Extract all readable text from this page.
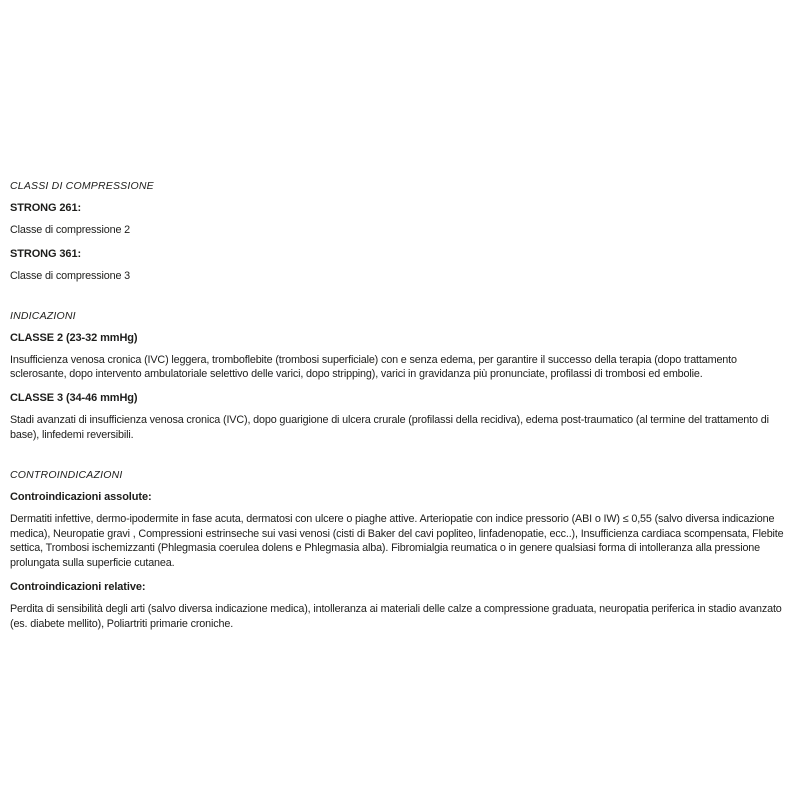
CLASSI DI COMPRESSIONE
STRONG 261:

Classe di compressione 2

STRONG 361:

Classe di compressione 3

INDICAZIONI
CLASSE 2 (23-32 mmHg)

Insufficienza venosa cronica (IVC) leggera, tromboflebite (trombosi superficiale) con e senza edema, per garantire il successo della terapia (dopo trattamento sclerosante, dopo intervento ambulatoriale selettivo delle varici, dopo stripping), varici in gravidanza più pronunciate, profilassi di trombosi ed embolie.

CLASSE 3 (34-46 mmHg)

Stadi avanzati di insufficienza venosa cronica (IVC), dopo guarigione di ulcera crurale (profilassi della recidiva), edema post-traumatico (al termine del trattamento di base), linfedemi reversibili.

CONTROINDICAZIONI
Controindicazioni assolute:

Dermatiti infettive, dermo-ipodermite in fase acuta, dermatosi con ulcere o piaghe attive. Arteriopatie con indice pressorio (ABI o IW) ≤ 0,55 (salvo diversa indicazione medica), Neuropatie gravi , Compressioni estrinseche sui vasi venosi (cisti di Baker del cavi popliteo, linfadenopatie, ecc..), Insufficienza cardiaca scompensata, Flebite settica, Trombosi ischemizzanti (Phlegmasia coerulea dolens e Phlegmasia alba). Fibromialgia reumatica o in genere qualsiasi forma di intolleranza alla pressione prolungata sulla superficie cutanea.

Controindicazioni relative:

Perdita di sensibilità degli arti (salvo diversa indicazione medica), intolleranza ai materiali delle calze a compressione graduata, neuropatia periferica in stadio avanzato (es. diabete mellito), Poliartriti primarie croniche.
